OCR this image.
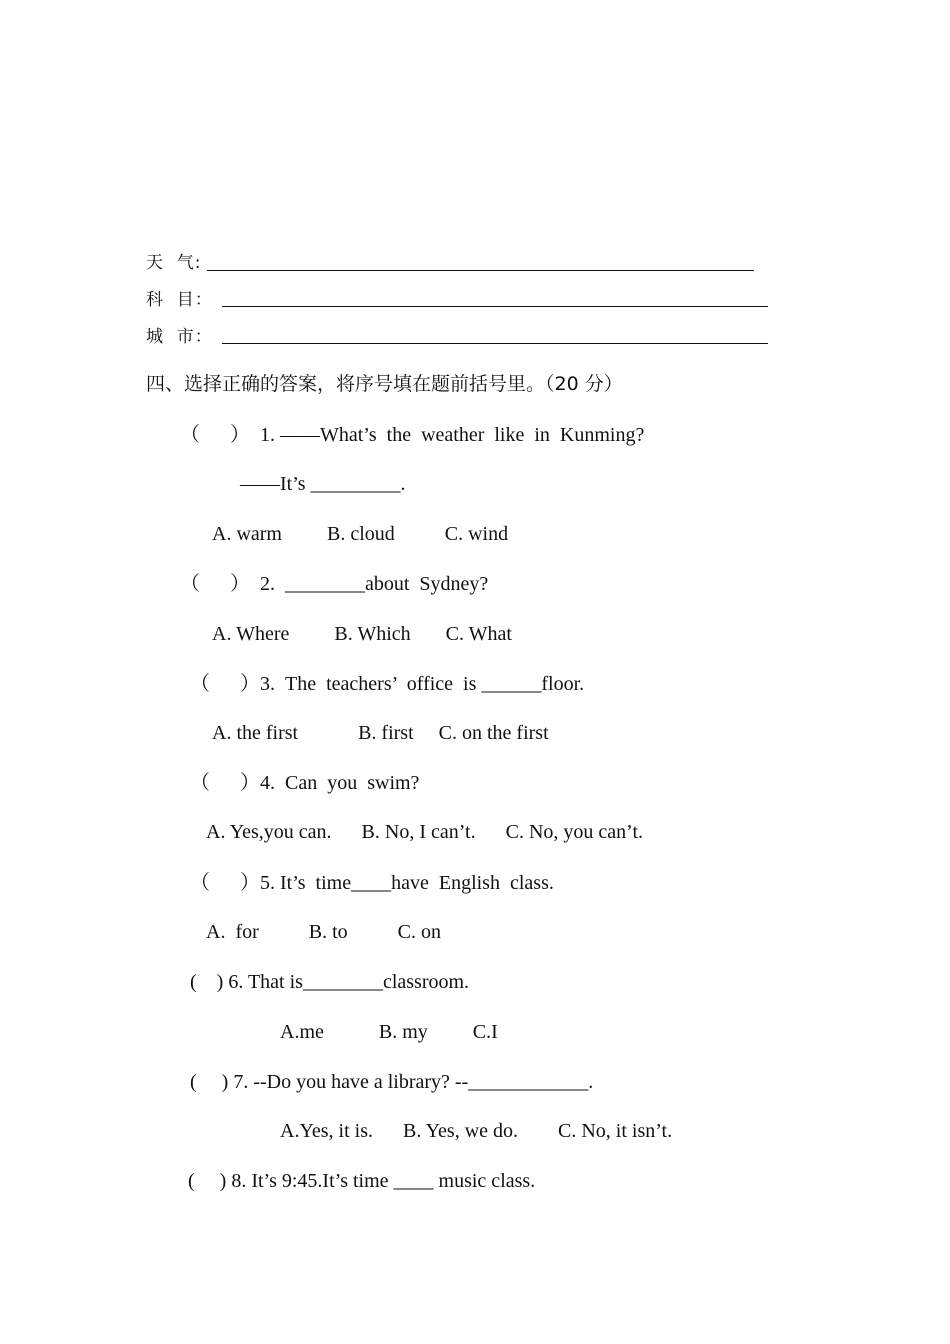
天  气:
科  目：
城  市：
四、选择正确的答案，将序号填在题前括号里。（20 分）
（      ）  1. ——What’s  the  weather  like  in  Kunming?
——It’s _________.
A. warm         B. cloud          C. wind
（      ）  2.  ________about  Sydney?
A. Where         B. Which       C. What
（      ）3.  The  teachers’  office  is ______floor.
A. the first            B. first     C. on the first
（      ）4.  Can  you  swim?
A. Yes,you can.      B. No, I can’t.      C. No, you can’t.
（      ）5. It’s  time____have  English  class.
A.  for          B. to          C. on
(    ) 6. That is________classroom.
A.me           B. my         C.I
(     ) 7. --Do you have a library? --____________.
A.Yes, it is.      B. Yes, we do.        C. No, it isn’t.
(     ) 8. It’s 9:45.It’s time ____ music class.
